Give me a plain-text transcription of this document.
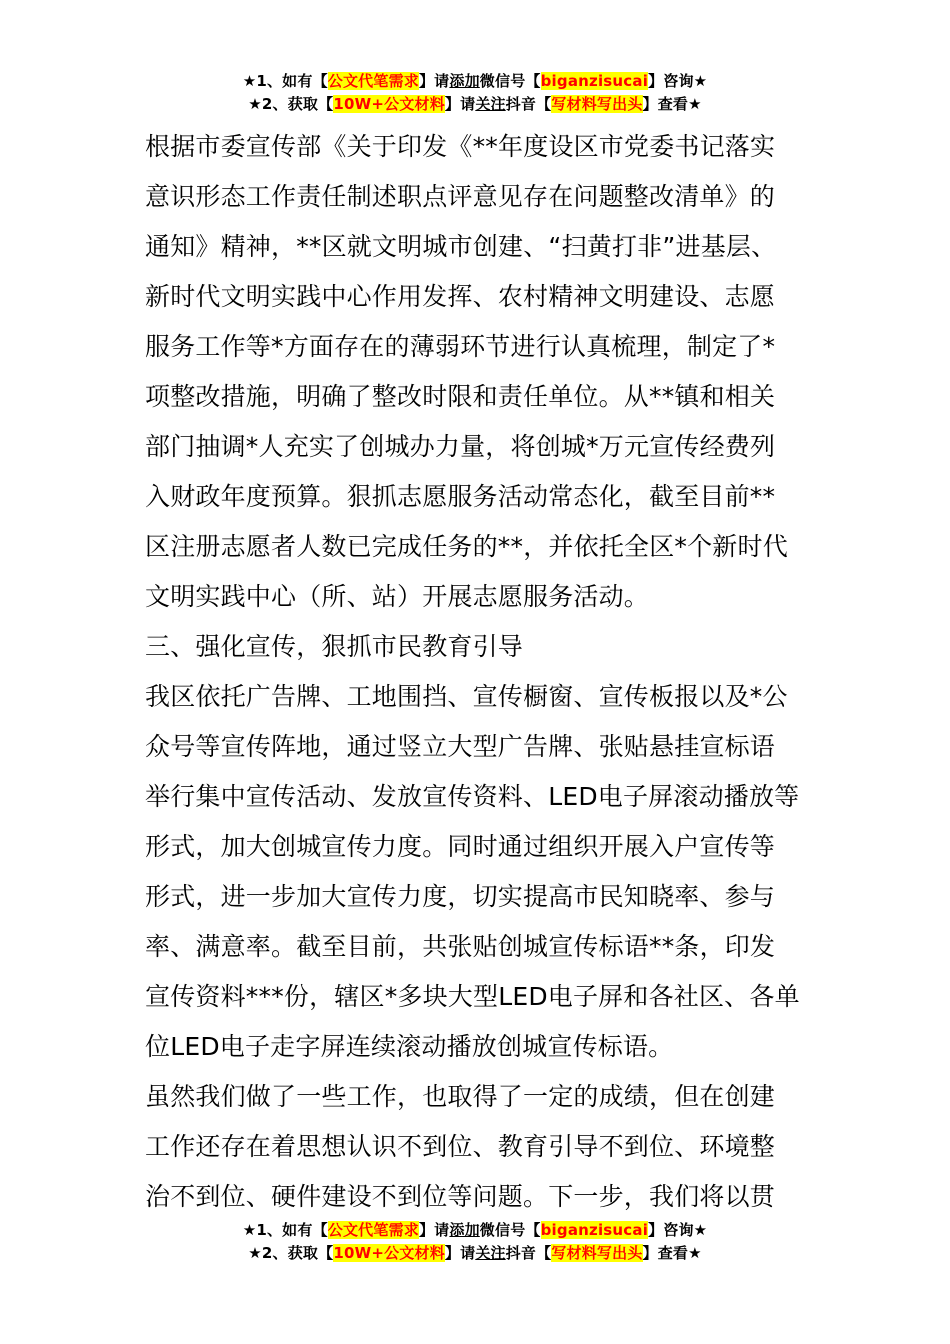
★1、如有【公文代笔需求】请添加微信号【biganzisucai】咨询★
★2、获取【10W+公文材料】请关注抖音【写材料写出头】查看★
根据市委宣传部《关于印发《**年度设区市党委书记落实
意识形态工作责任制述职点评意见存在问题整改清单》的
通知》精神，**区就文明城市创建、“扫黄打非”进基层、
新时代文明实践中心作用发挥、农村精神文明建设、志愿
服务工作等*方面存在的薄弱环节进行认真梳理，制定了*
项整改措施，明确了整改时限和责任单位。从**镇和相关
部门抽调*人充实了创城办力量，将创城*万元宣传经费列
入财政年度预算。狠抓志愿服务活动常态化，截至目前**
区注册志愿者人数已完成任务的**，并依托全区*个新时代
文明实践中心（所、站）开展志愿服务活动。
三、强化宣传，狠抓市民教育引导
我区依托广告牌、工地围挡、宣传橱窗、宣传板报以及*公
众号等宣传阵地，通过竖立大型广告牌、张贴悬挂宣标语
举行集中宣传活动、发放宣传资料、LED电子屏滚动播放等
形式，加大创城宣传力度。同时通过组织开展入户宣传等
形式，进一步加大宣传力度，切实提高市民知晓率、参与
率、满意率。截至目前，共张贴创城宣传标语**条，印发
宣传资料***份，辖区*多块大型LED电子屏和各社区、各单
位LED电子走字屏连续滚动播放创城宣传标语。
虽然我们做了一些工作，也取得了一定的成绩，但在创建
工作还存在着思想认识不到位、教育引导不到位、环境整
治不到位、硬件建设不到位等问题。下一步，我们将以贯
★1、如有【公文代笔需求】请添加微信号【biganzisucai】咨询★
★2、获取【10W+公文材料】请关注抖音【写材料写出头】查看★
